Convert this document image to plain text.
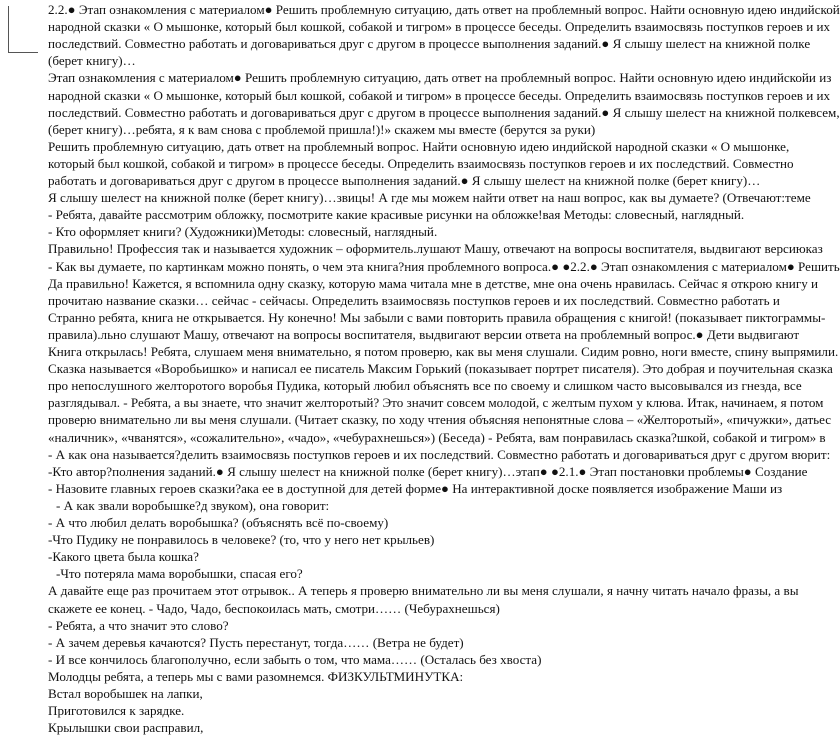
2.2.● Этап ознакомления с материалом● Решить проблемную ситуацию, дать ответ на проблемный вопрос. Найти основную идею индийской
народной сказки « О мышонке, который был кошкой, собакой и тигром» в процессе беседы. Определить взаимосвязь поступков героев и их
последствий. Совместно работать и договариваться друг с другом в процессе выполнения заданий.● Я слышу шелест на книжной полке
(берет книгу)…
Этап ознакомления с материалом● Решить проблемную ситуацию, дать ответ на проблемный вопрос. Найти основную идею индийскойи из
народной сказки « О мышонке, который был кошкой, собакой и тигром» в процессе беседы. Определить взаимосвязь поступков героев и их
последствий. Совместно работать и договариваться друг с другом в процессе выполнения заданий.● Я слышу шелест на книжной полкевсем,
(берет книгу)…ребята, я к вам снова с проблемой пришла!)!» скажем мы вместе (берутся за руки)
Решить проблемную ситуацию, дать ответ на проблемный вопрос. Найти основную идею индийской народной сказки « О мышонке,
который был кошкой, собакой и тигром» в процессе беседы. Определить взаимосвязь поступков героев и их последствий. Совместно
работать и договариваться друг с другом в процессе выполнения заданий.● Я слышу шелест на книжной полке (берет книгу)…
Я слышу шелест на книжной полке (берет книгу)…звицы! А где мы можем найти ответ на наш вопрос, как вы думаете? (Отвечают:теме
- Ребята, давайте рассмотрим обложку, посмотрите какие красивые рисунки на обложке!вая Методы: словесный, наглядный.
- Кто оформляет книги? (Художники)Методы: словесный, наглядный.
Правильно! Профессия так и называется художник – оформитель.лушают Машу, отвечают на вопросы воспитателя, выдвигают версиюказ
- Как вы думаете, по картинкам можно понять, о чем эта книга?ния проблемного вопроса.● ●2.2.● Этап ознакомления с материалом● Решить
Да правильно! Кажется, я вспомнила одну сказку, которую мама читала мне в детстве, мне она очень нравилась. Сейчас я открою книгу и
прочитаю название сказки… сейчас - сейчасы. Определить взаимосвязь поступков героев и их последствий. Совместно работать и
Странно ребята, книга не открывается. Ну конечно! Мы забыли с вами повторить правила обращения с книгой! (показывает пиктограммы-
правила).льно слушают Машу, отвечают на вопросы воспитателя, выдвигают версии ответа на проблемный вопрос.● Дети выдвигают
Книга открылась! Ребята, слушаем меня внимательно, я потом проверю, как вы меня слушали. Сидим ровно, ноги вместе, спину выпрямили.
Сказка называется «Воробьишко» и написал ее писатель Максим Горький (показывает портрет писателя). Это добрая и поучительная сказка
про непослушного желторотого воробья Пудика, который любил объяснять все по своему и слишком часто высовывался из гнезда, все
разглядывал. - Ребята, а вы знаете, что значит желторотый? Это значит совсем молодой, с желтым пухом у клюва. Итак, начинаем, я потом
проверю внимательно ли вы меня слушали. (Читает сказку, по ходу чтения объясняя непонятные слова – «Желторотый», «пичужки», датьес
«наличник», «чванятся», «сожалительно», «чадо», «чебурахнешься») (Беседа) - Ребята, вам понравилась сказка?шкой, собакой и тигром» в
- А как она называется?делить взаимосвязь поступков героев и их последствий. Совместно работать и договариваться друг с другом вюрит:
-Кто автор?полнения заданий.● Я слышу шелест на книжной полке (берет книгу)…этап● ●2.1.● Этап постановки проблемы● Создание
- Назовите главных героев сказки?ака ее в доступной для детей форме● На интерактивной доске появляется изображение Маши из
- А как звали воробышке?д звуком), она говорит:
- А что любил делать воробышка? (объяснять всё по-своему)
-Что Пудику не понравилось в человеке? (то, что у него нет крыльев)
-Какого цвета была кошка?
-Что потеряла мама воробышки, спасая его?
А давайте еще раз прочитаем этот отрывок.. А теперь я проверю внимательно ли вы меня слушали, я начну читать начало фразы, а вы
скажете ее конец. - Чадо, Чадо, беспокоилась мать, смотри…… (Чебурахнешься)
- Ребята, а что значит это слово?
- А зачем деревья качаются? Пусть перестанут, тогда…… (Ветра не будет)
- И все кончилось благополучно, если забыть о том, что мама…… (Осталась без хвоста)
Молодцы ребята, а теперь мы с вами разомнемся. ФИЗКУЛЬТМИНУТКА:
Встал воробышек на лапки,
Приготовился к зарядке.
Крылышки свои расправил,
